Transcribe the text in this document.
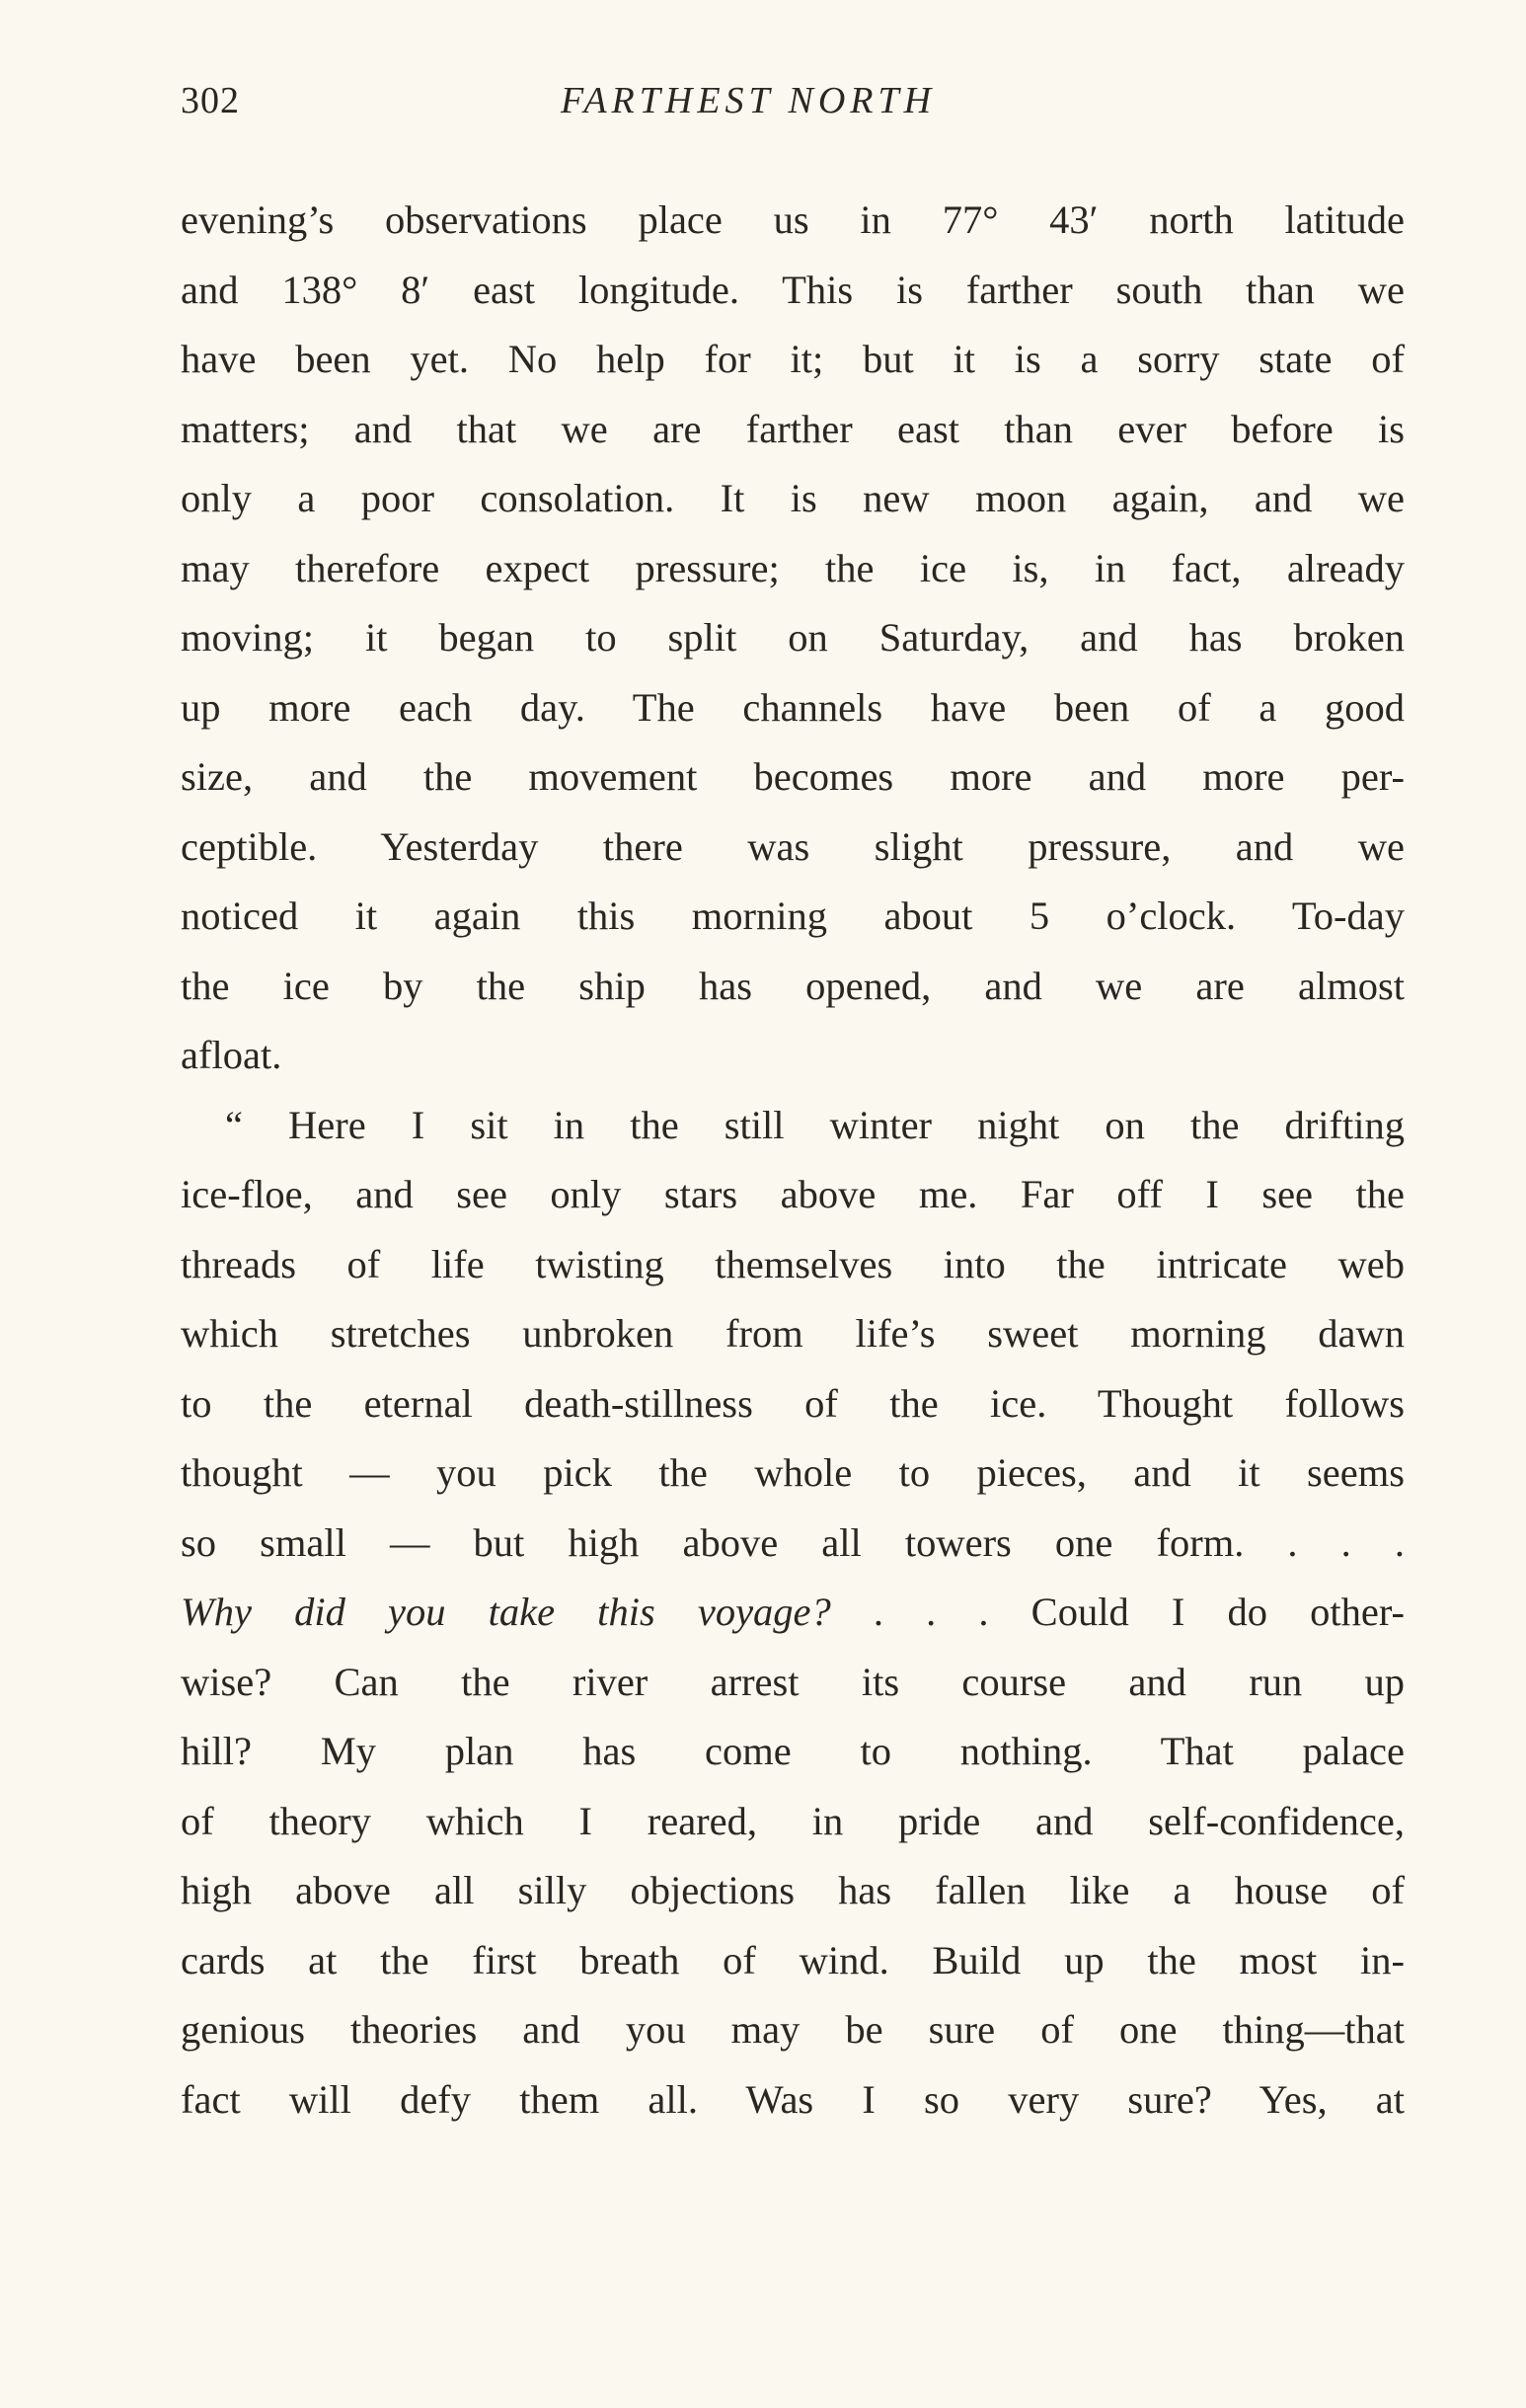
302	FARTHEST NORTH
evening’s observations place us in 77° 43′ north latitude
and 138° 8′ east longitude. This is farther south than we
have been yet. No help for it; but it is a sorry state of
matters; and that we are farther east than ever before is
only a poor consolation. It is new moon again, and we
may therefore expect pressure; the ice is, in fact, already
moving; it began to split on Saturday, and has broken
up more each day. The channels have been of a good
size, and the movement becomes more and more per-
ceptible. Yesterday there was slight pressure, and we
noticed it again this morning about 5 o’clock. To-day
the ice by the ship has opened, and we are almost
afloat.
“ Here I sit in the still winter night on the drifting
ice-floe, and see only stars above me. Far off I see the
threads of life twisting themselves into the intricate web
which stretches unbroken from life’s sweet morning dawn
to the eternal death-stillness of the ice. Thought follows
thought — you pick the whole to pieces, and it seems
so small — but high above all towers one form. . . .
Why did you take this voyage? . . . Could I do other-
wise? Can the river arrest its course and run up
hill? My plan has come to nothing. That palace
of theory which I reared, in pride and self-confidence,
high above all silly objections has fallen like a house of
cards at the first breath of wind. Build up the most in-
genious theories and you may be sure of one thing—that
fact will defy them all. Was I so very sure? Yes, at
